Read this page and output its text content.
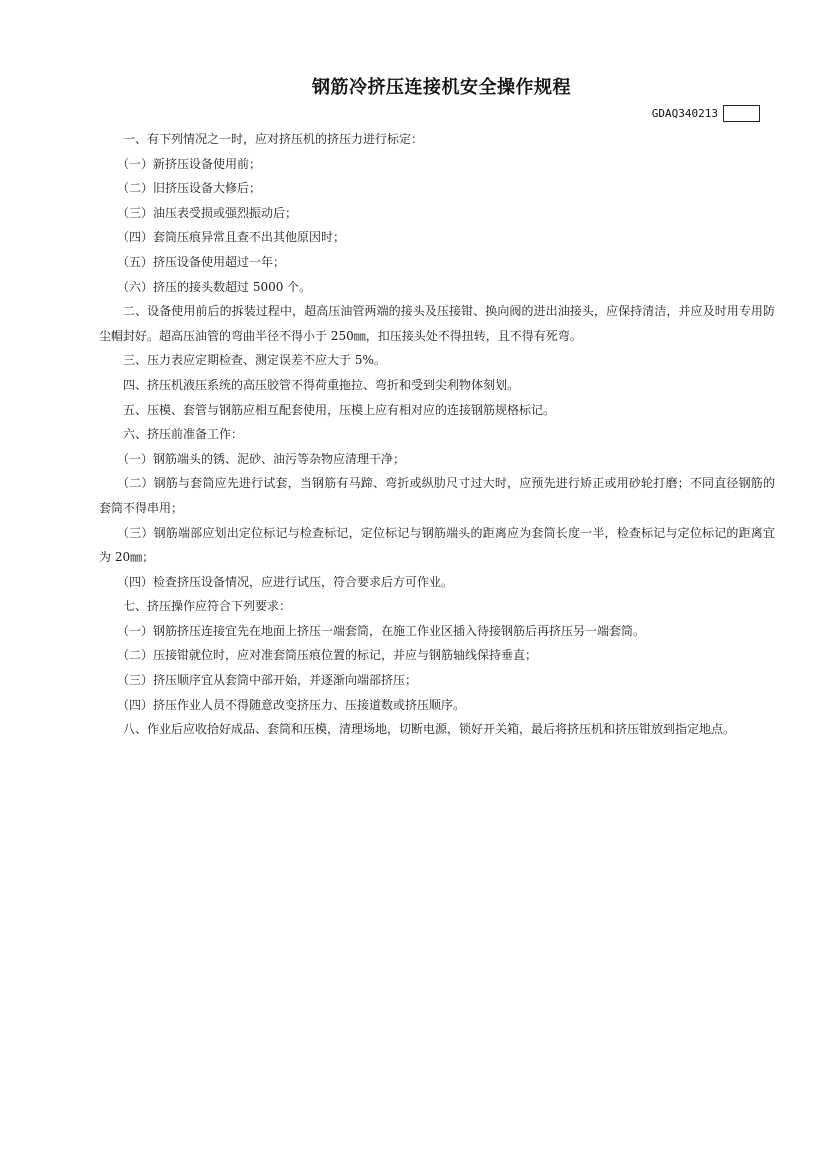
钢筋冷挤压连接机安全操作规程
GDAQ340213

一、有下列情况之一时，应对挤压机的挤压力进行标定：

（一）新挤压设备使用前；

（二）旧挤压设备大修后；

（三）油压表受损或强烈振动后；

（四）套筒压痕异常且查不出其他原因时；

（五）挤压设备使用超过一年；

（六）挤压的接头数超过 5000 个。

二、设备使用前后的拆装过程中，超高压油管两端的接头及压接钳、换向阀的进出油接头，应保持清洁，并应及时用专用防尘帽封好。超高压油管的弯曲半径不得小于 250㎜，扣压接头处不得扭转，且不得有死弯。

三、压力表应定期检查、测定误差不应大于 5%。

四、挤压机液压系统的高压胶管不得荷重拖拉、弯折和受到尖利物体刻划。

五、压模、套管与钢筋应相互配套使用，压模上应有相对应的连接钢筋规格标记。

六、挤压前准备工作：

（一）钢筋端头的锈、泥砂、油污等杂物应清理干净；

（二）钢筋与套筒应先进行试套，当钢筋有马蹄、弯折或纵肋尺寸过大时，应预先进行矫正或用砂轮打磨；不同直径钢筋的套筒不得串用；

（三）钢筋端部应划出定位标记与检查标记，定位标记与钢筋端头的距离应为套筒长度一半，检查标记与定位标记的距离宜为 20㎜；

（四）检查挤压设备情况，应进行试压，符合要求后方可作业。

七、挤压操作应符合下列要求：

（一）钢筋挤压连接宜先在地面上挤压一端套筒，在施工作业区插入待接钢筋后再挤压另一端套筒。

（二）压接钳就位时，应对准套筒压痕位置的标记，并应与钢筋轴线保持垂直；

（三）挤压顺序宜从套筒中部开始，并逐渐向端部挤压；

（四）挤压作业人员不得随意改变挤压力、压接道数或挤压顺序。

八、作业后应收拾好成品、套筒和压模，清理场地，切断电源，锁好开关箱，最后将挤压机和挤压钳放到指定地点。
